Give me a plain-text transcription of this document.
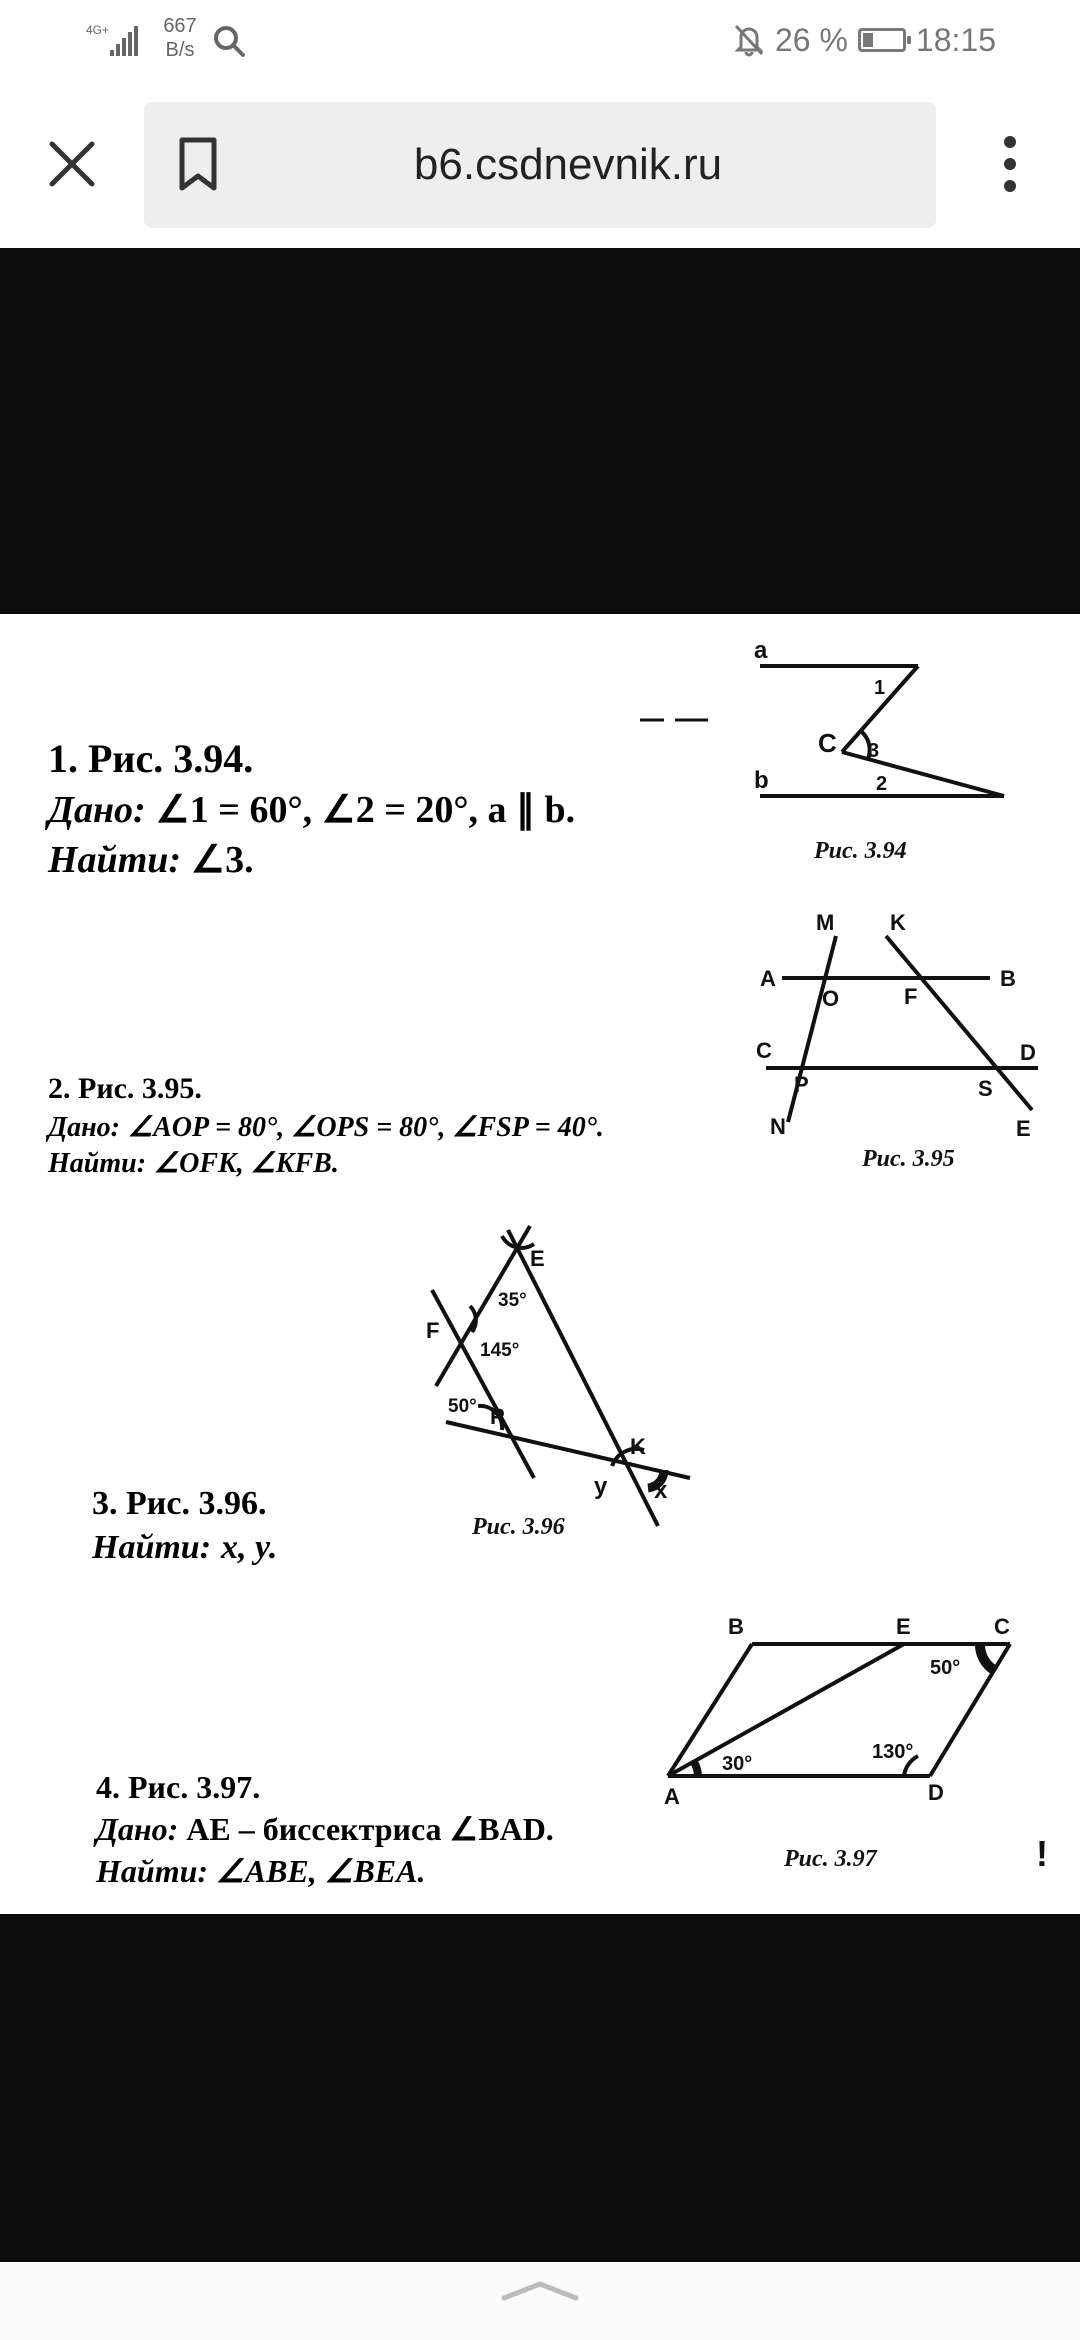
4G+	667
B/s	26 % 18:15
b6.csdnevnik.ru
1. Рис. 3.94.
Дано: ∠1 = 60°, ∠2 = 20°, a ∥ b.
Найти: ∠3.
a
b
C
1
3
2
Рис. 3.94
2. Рис. 3.95.
Дано: ∠AOP = 80°, ∠OPS = 80°, ∠FSP = 40°.
Найти: ∠OFK, ∠KFB.
M	K
A	B
O	F
C	D
P	S
N	E
Рис. 3.95
E
F
P
K
y x
35°
145°
50°
Рис. 3.96
3. Рис. 3.96.
Найти: x, y.
B	E	C
A	D
30°
50°
130°
Рис. 3.97	!
4. Рис. 3.97.
Дано: AE – биссектриса ∠BAD.
Найти: ∠ABE, ∠BEA.
